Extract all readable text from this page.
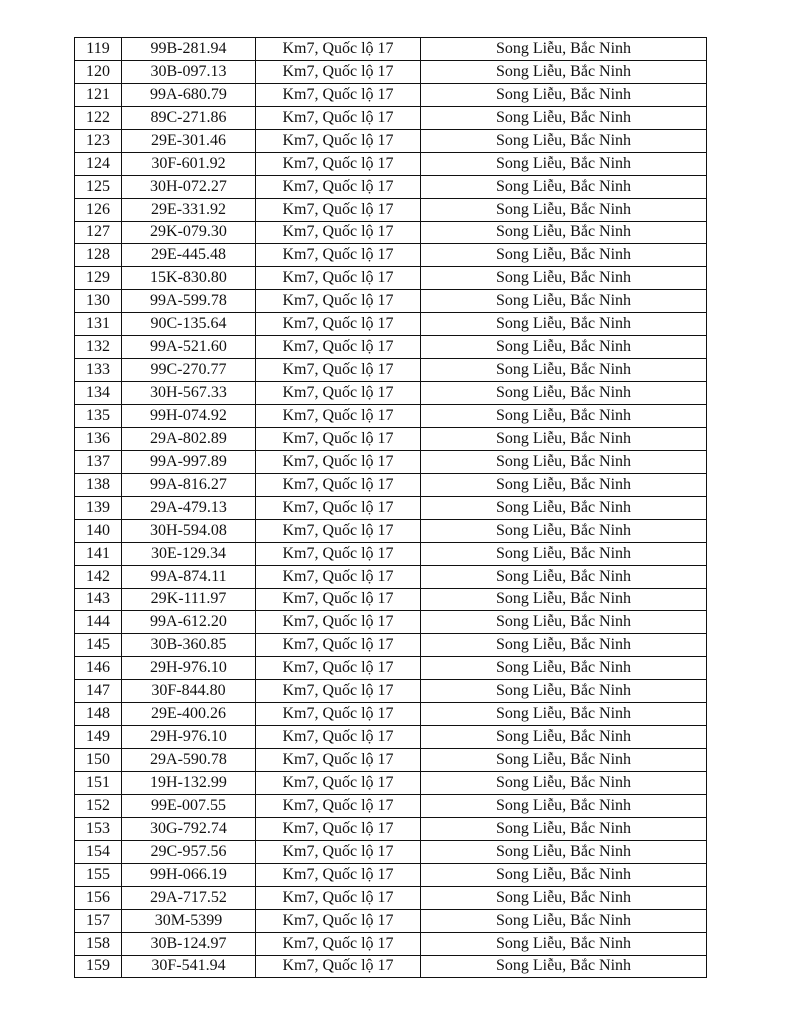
119	99B-281.94	Km7, Quốc lộ 17	Song Liễu, Bắc Ninh
120	30B-097.13	Km7, Quốc lộ 17	Song Liễu, Bắc Ninh
121	99A-680.79	Km7, Quốc lộ 17	Song Liễu, Bắc Ninh
122	89C-271.86	Km7, Quốc lộ 17	Song Liễu, Bắc Ninh
123	29E-301.46	Km7, Quốc lộ 17	Song Liễu, Bắc Ninh
124	30F-601.92	Km7, Quốc lộ 17	Song Liễu, Bắc Ninh
125	30H-072.27	Km7, Quốc lộ 17	Song Liễu, Bắc Ninh
126	29E-331.92	Km7, Quốc lộ 17	Song Liễu, Bắc Ninh
127	29K-079.30	Km7, Quốc lộ 17	Song Liễu, Bắc Ninh
128	29E-445.48	Km7, Quốc lộ 17	Song Liễu, Bắc Ninh
129	15K-830.80	Km7, Quốc lộ 17	Song Liễu, Bắc Ninh
130	99A-599.78	Km7, Quốc lộ 17	Song Liễu, Bắc Ninh
131	90C-135.64	Km7, Quốc lộ 17	Song Liễu, Bắc Ninh
132	99A-521.60	Km7, Quốc lộ 17	Song Liễu, Bắc Ninh
133	99C-270.77	Km7, Quốc lộ 17	Song Liễu, Bắc Ninh
134	30H-567.33	Km7, Quốc lộ 17	Song Liễu, Bắc Ninh
135	99H-074.92	Km7, Quốc lộ 17	Song Liễu, Bắc Ninh
136	29A-802.89	Km7, Quốc lộ 17	Song Liễu, Bắc Ninh
137	99A-997.89	Km7, Quốc lộ 17	Song Liễu, Bắc Ninh
138	99A-816.27	Km7, Quốc lộ 17	Song Liễu, Bắc Ninh
139	29A-479.13	Km7, Quốc lộ 17	Song Liễu, Bắc Ninh
140	30H-594.08	Km7, Quốc lộ 17	Song Liễu, Bắc Ninh
141	30E-129.34	Km7, Quốc lộ 17	Song Liễu, Bắc Ninh
142	99A-874.11	Km7, Quốc lộ 17	Song Liễu, Bắc Ninh
143	29K-111.97	Km7, Quốc lộ 17	Song Liễu, Bắc Ninh
144	99A-612.20	Km7, Quốc lộ 17	Song Liễu, Bắc Ninh
145	30B-360.85	Km7, Quốc lộ 17	Song Liễu, Bắc Ninh
146	29H-976.10	Km7, Quốc lộ 17	Song Liễu, Bắc Ninh
147	30F-844.80	Km7, Quốc lộ 17	Song Liễu, Bắc Ninh
148	29E-400.26	Km7, Quốc lộ 17	Song Liễu, Bắc Ninh
149	29H-976.10	Km7, Quốc lộ 17	Song Liễu, Bắc Ninh
150	29A-590.78	Km7, Quốc lộ 17	Song Liễu, Bắc Ninh
151	19H-132.99	Km7, Quốc lộ 17	Song Liễu, Bắc Ninh
152	99E-007.55	Km7, Quốc lộ 17	Song Liễu, Bắc Ninh
153	30G-792.74	Km7, Quốc lộ 17	Song Liễu, Bắc Ninh
154	29C-957.56	Km7, Quốc lộ 17	Song Liễu, Bắc Ninh
155	99H-066.19	Km7, Quốc lộ 17	Song Liễu, Bắc Ninh
156	29A-717.52	Km7, Quốc lộ 17	Song Liễu, Bắc Ninh
157	30M-5399	Km7, Quốc lộ 17	Song Liễu, Bắc Ninh
158	30B-124.97	Km7, Quốc lộ 17	Song Liễu, Bắc Ninh
159	30F-541.94	Km7, Quốc lộ 17	Song Liễu, Bắc Ninh
